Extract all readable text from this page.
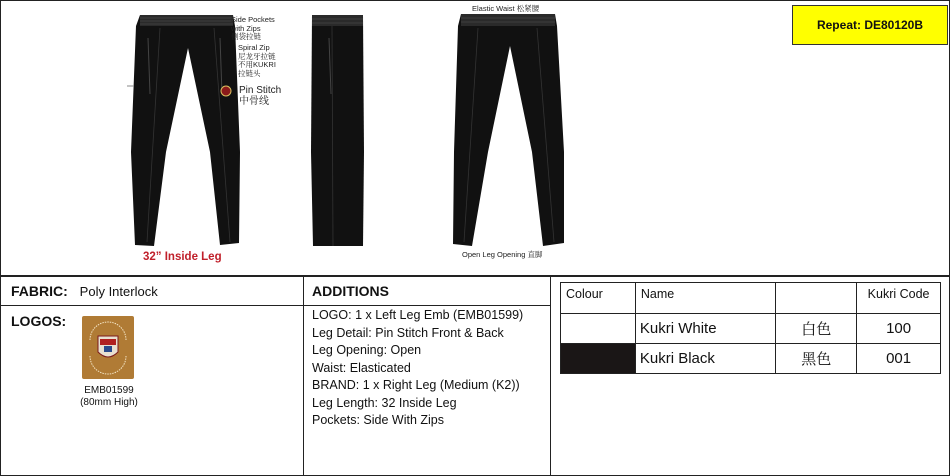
Repeat: DE80120B
Side Pockets
with Zips
侧袋拉链
Spiral Zip
尼龙牙拉链
不用KUKRI
拉链头
Pin Stitch
中骨线
Elastic Waist 松紧腰
Open Leg Opening 直脚
32” Inside Leg
FABRIC: Poly Interlock
LOGOS:
EMB01599
(80mm High)
ADDITIONS
LOGO: 1 x Left Leg Emb (EMB01599)
Leg Detail: Pin Stitch Front & Back
Leg Opening: Open
Waist: Elasticated
BRAND: 1 x Right Leg (Medium (K2))
Leg Length: 32 Inside Leg
Pockets: Side With Zips
Colour	Name		Kukri Code
	Kukri White	白色	100
	Kukri Black	黑色	001
